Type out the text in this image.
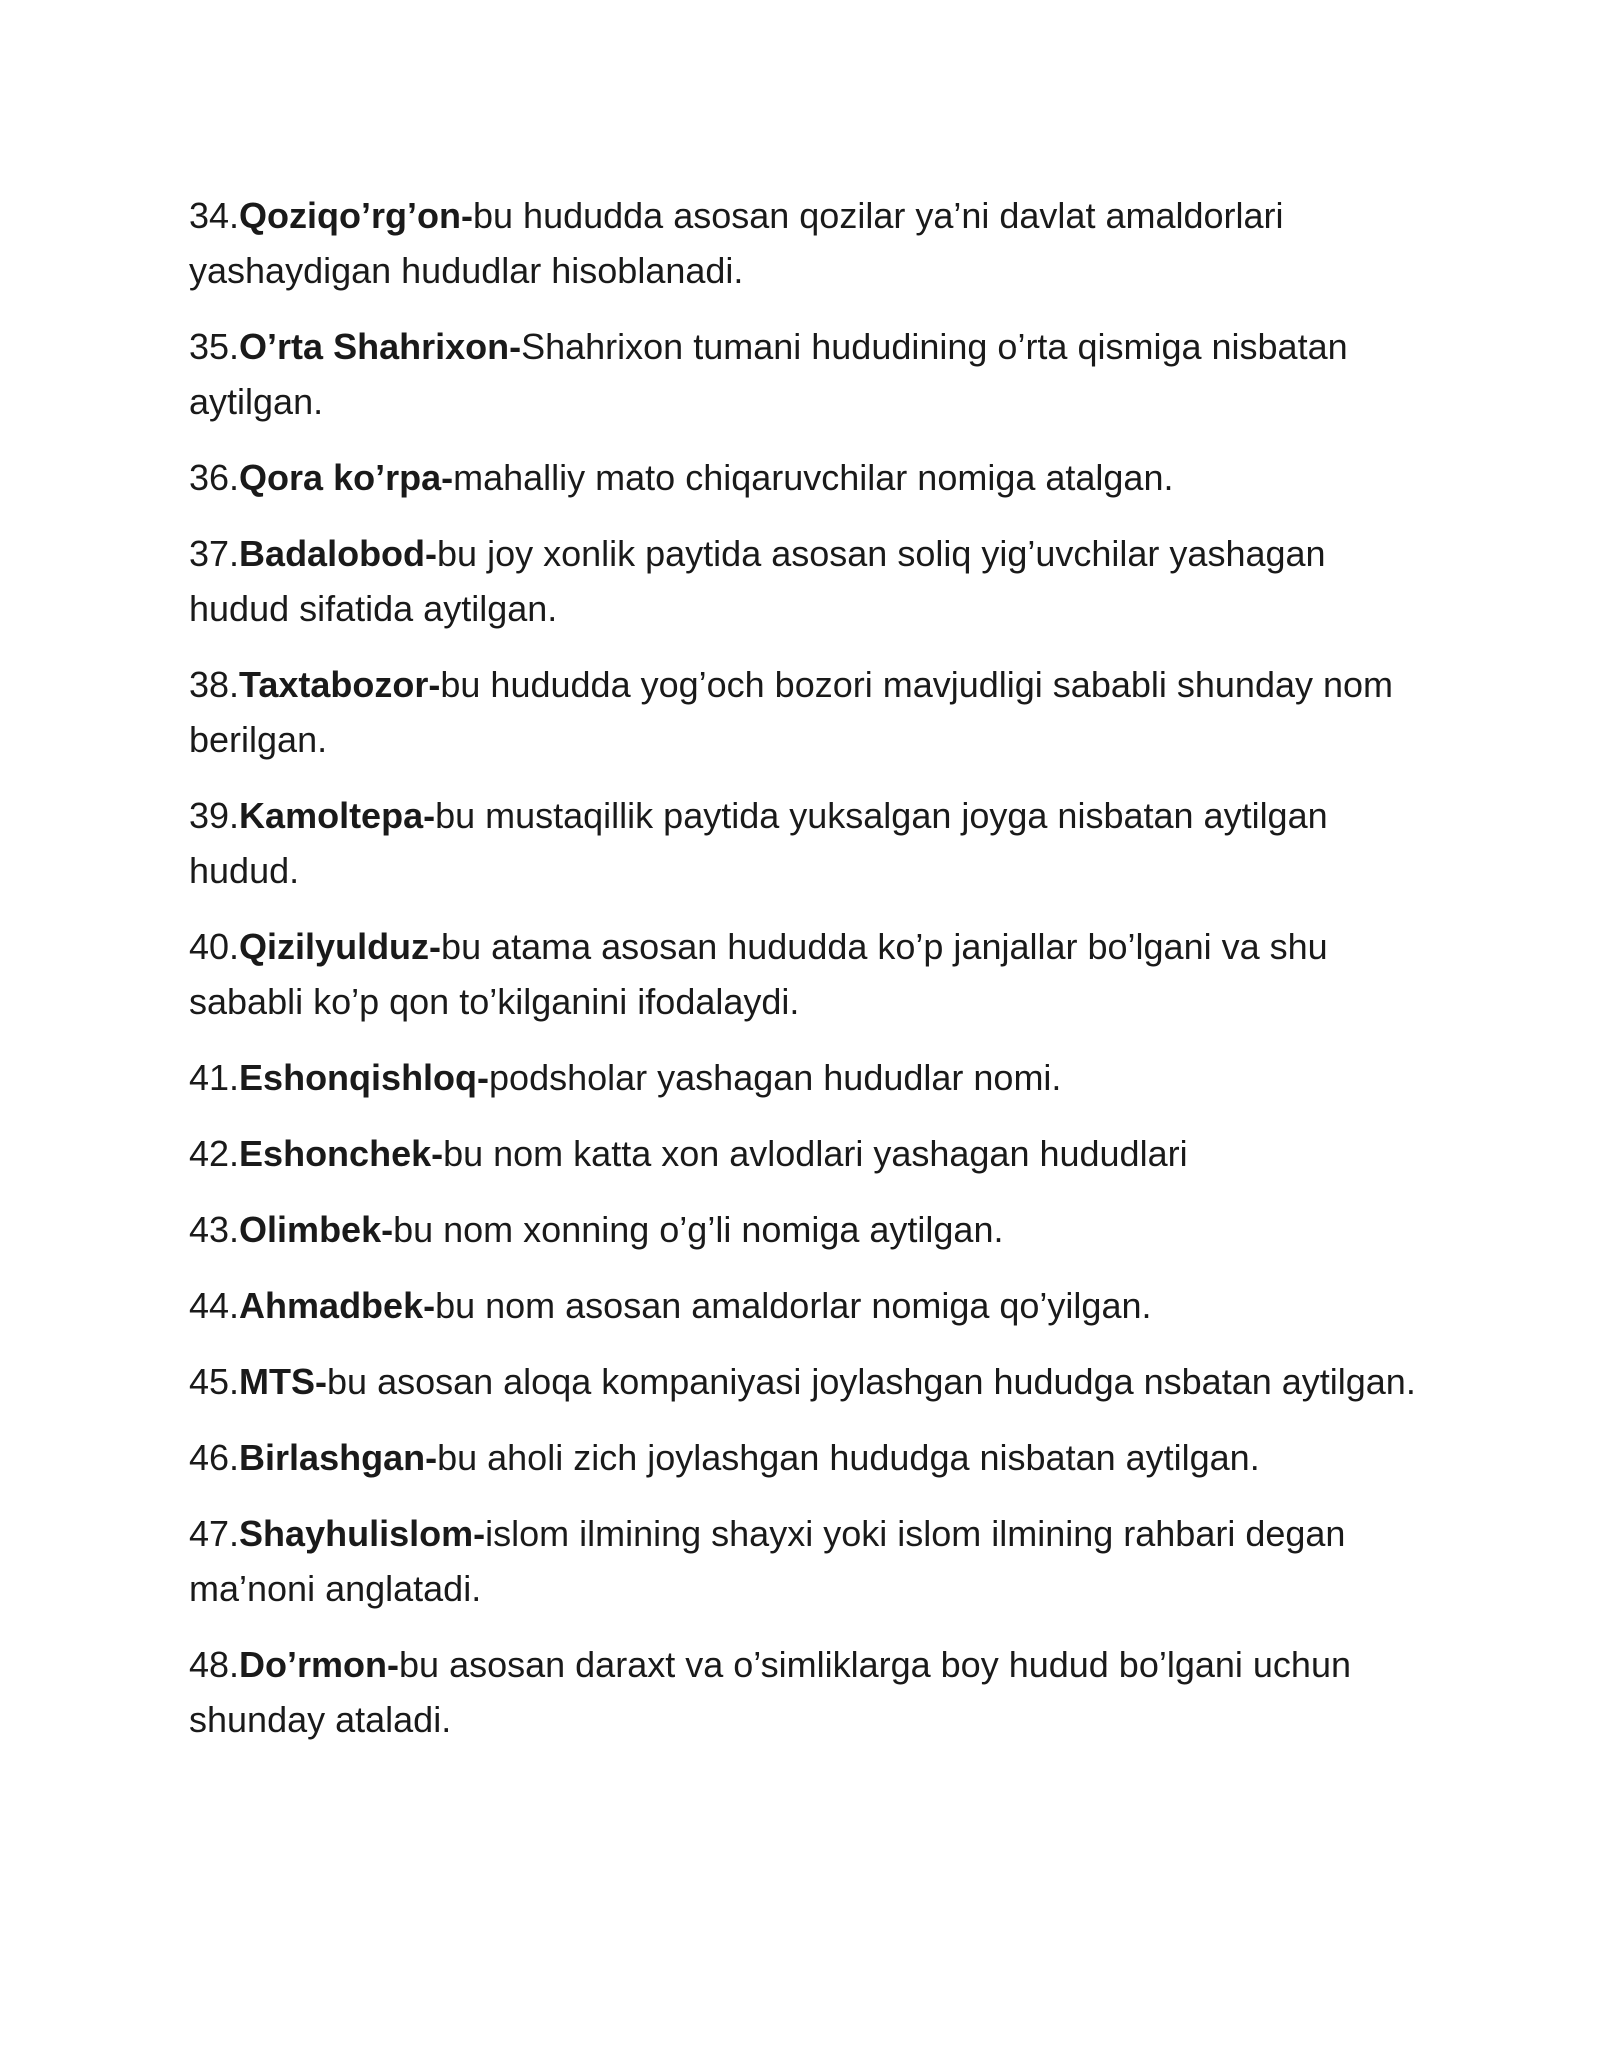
34.Qoziqo’rg’on-bu hududda asosan qozilar ya’ni davlat amaldorlari yashaydigan hududlar hisoblanadi.

35.O’rta Shahrixon-Shahrixon tumani hududining o’rta qismiga nisbatan aytilgan.

36.Qora ko’rpa-mahalliy mato chiqaruvchilar nomiga atalgan.

37.Badalobod-bu joy xonlik paytida asosan soliq yig’uvchilar yashagan hudud sifatida aytilgan.

38.Taxtabozor-bu hududda yog’och bozori mavjudligi sababli shunday nom berilgan.

39.Kamoltepa-bu mustaqillik paytida yuksalgan joyga nisbatan aytilgan hudud.

40.Qizilyulduz-bu atama asosan hududda ko’p janjallar bo’lgani va shu sababli ko’p qon to’kilganini ifodalaydi.

41.Eshonqishloq-podsholar yashagan hududlar nomi.

42.Eshonchek-bu nom katta xon avlodlari yashagan hududlari

43.Olimbek-bu nom xonning o’g’li nomiga aytilgan.

44.Ahmadbek-bu nom asosan amaldorlar nomiga qo’yilgan.

45.MTS-bu asosan aloqa kompaniyasi joylashgan hududga nsbatan aytilgan.

46.Birlashgan-bu aholi zich joylashgan hududga nisbatan aytilgan.

47.Shayhulislom-islom ilmining shayxi yoki islom ilmining rahbari degan ma’noni anglatadi.

48.Do’rmon-bu asosan daraxt va o’simliklarga boy hudud bo’lgani uchun shunday ataladi.
